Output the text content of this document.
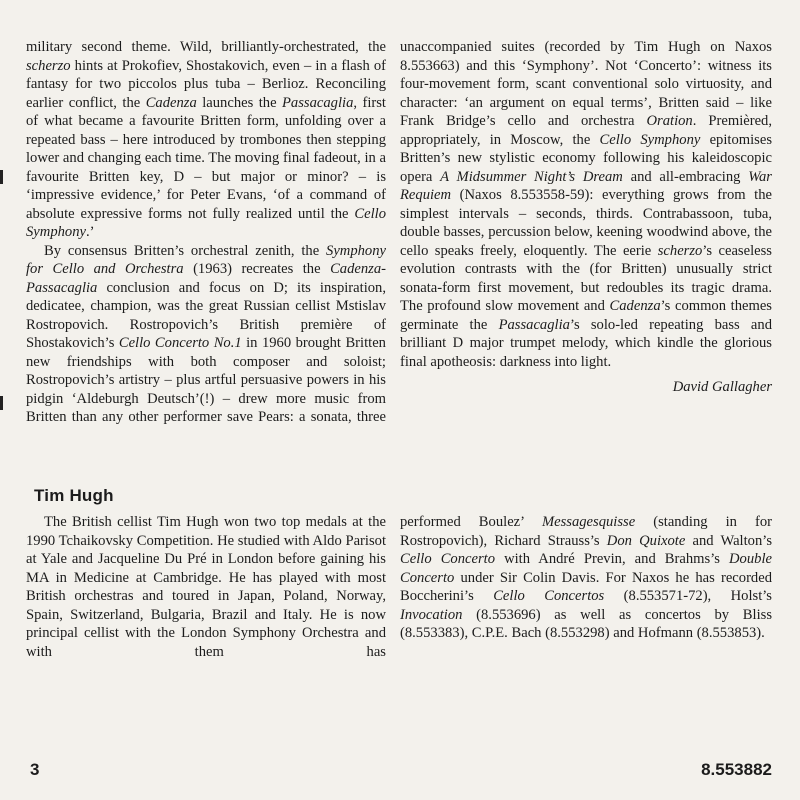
military second theme. Wild, brilliantly-orchestrated, the scherzo hints at Prokofiev, Shostakovich, even – in a flash of fantasy for two piccolos plus tuba – Berlioz. Reconciling earlier conflict, the Cadenza launches the Passacaglia, first of what became a favourite Britten form, unfolding over a repeated bass – here introduced by trombones then stepping lower and changing each time. The moving final fadeout, in a favourite Britten key, D – but major or minor? – is ‘impressive evidence,’ for Peter Evans, ‘of a command of absolute expressive forms not fully realized until the Cello Symphony.’

By consensus Britten’s orchestral zenith, the Symphony for Cello and Orchestra (1963) recreates the Cadenza-Passacaglia conclusion and focus on D; its inspiration, dedicatee, champion, was the great Russian cellist Mstislav Rostropovich. Rostropovich’s British première of Shostakovich’s Cello Concerto No.1 in 1960 brought Britten new friendships with both composer and soloist; Rostropovich’s artistry – plus artful persuasive powers in his pidgin ‘Aldeburgh Deutsch’(!) – drew more music from Britten than any other performer save Pears: a sonata, three

unaccompanied suites (recorded by Tim Hugh on Naxos 8.553663) and this ‘Symphony’. Not ‘Concerto’: witness its four-movement form, scant conventional solo virtuosity, and character: ‘an argument on equal terms’, Britten said – like Frank Bridge’s cello and orchestra Oration. Premièred, appropriately, in Moscow, the Cello Symphony epitomises Britten’s new stylistic economy following his kaleidoscopic opera A Midsummer Night’s Dream and all-embracing War Requiem (Naxos 8.553558-59): everything grows from the simplest intervals – seconds, thirds. Contrabassoon, tuba, double basses, percussion below, keening woodwind above, the cello speaks freely, eloquently. The eerie scherzo’s ceaseless evolution contrasts with the (for Britten) unusually strict sonata-form first movement, but redoubles its tragic drama. The profound slow movement and Cadenza’s common themes germinate the Passacaglia’s solo-led repeating bass and brilliant D major trumpet melody, which kindle the glorious final apotheosis: darkness into light.

David Gallagher

Tim Hugh

The British cellist Tim Hugh won two top medals at the 1990 Tchaikovsky Competition. He studied with Aldo Parisot at Yale and Jacqueline Du Pré in London before gaining his MA in Medicine at Cambridge. He has played with most British orchestras and toured in Japan, Poland, Norway, Spain, Switzerland, Bulgaria, Brazil and Italy. He is now principal cellist with the London Symphony Orchestra and with them has

performed Boulez’ Messagesquisse (standing in for Rostropovich), Richard Strauss’s Don Quixote and Walton’s Cello Concerto with André Previn, and Brahms’s Double Concerto under Sir Colin Davis. For Naxos he has recorded Boccherini’s Cello Concertos (8.553571-72), Holst’s Invocation (8.553696) as well as concertos by Bliss (8.553383), C.P.E. Bach (8.553298) and Hofmann (8.553853).

3	8.553882
